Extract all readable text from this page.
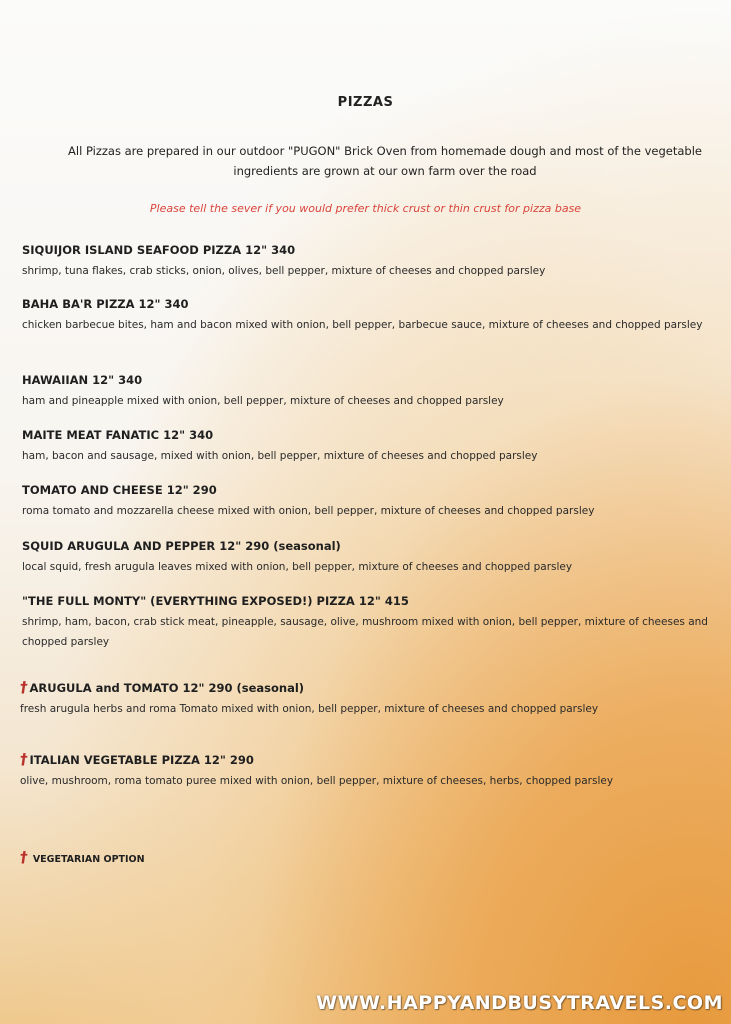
PIZZAS
All Pizzas are prepared in our outdoor "PUGON" Brick Oven from homemade dough and most of the vegetable ingredients are grown at our own farm over the road
Please tell the sever if you would prefer thick crust or thin crust for pizza base
SIQUIJOR ISLAND SEAFOOD PIZZA 12" 340
shrimp, tuna flakes, crab sticks, onion, olives, bell pepper, mixture of cheeses and chopped parsley
BAHA BA'R PIZZA 12" 340
chicken barbecue bites, ham and bacon mixed with onion, bell pepper, barbecue sauce, mixture of cheeses and chopped parsley
HAWAIIAN 12" 340
ham and pineapple mixed with onion, bell pepper, mixture of cheeses and chopped parsley
MAITE MEAT FANATIC 12" 340
ham, bacon and sausage, mixed with onion, bell pepper, mixture of cheeses and chopped parsley
TOMATO AND CHEESE 12" 290
roma tomato and mozzarella cheese mixed with onion, bell pepper, mixture of cheeses and chopped parsley
SQUID ARUGULA AND PEPPER 12" 290 (seasonal)
local squid, fresh arugula leaves mixed with onion, bell pepper, mixture of cheeses and chopped parsley
"THE FULL MONTY" (EVERYTHING EXPOSED!) PIZZA 12" 415
shrimp, ham, bacon, crab stick meat, pineapple, sausage, olive, mushroom mixed with onion, bell pepper, mixture of cheeses and chopped parsley
†ARUGULA and TOMATO 12" 290 (seasonal)
fresh arugula herbs and roma Tomato mixed with onion, bell pepper, mixture of cheeses and chopped parsley
†ITALIAN VEGETABLE PIZZA 12" 290
olive, mushroom, roma tomato puree mixed with onion, bell pepper, mixture of cheeses, herbs, chopped parsley
† VEGETARIAN OPTION
WWW.HAPPYANDBUSYTRAVELS.COM
